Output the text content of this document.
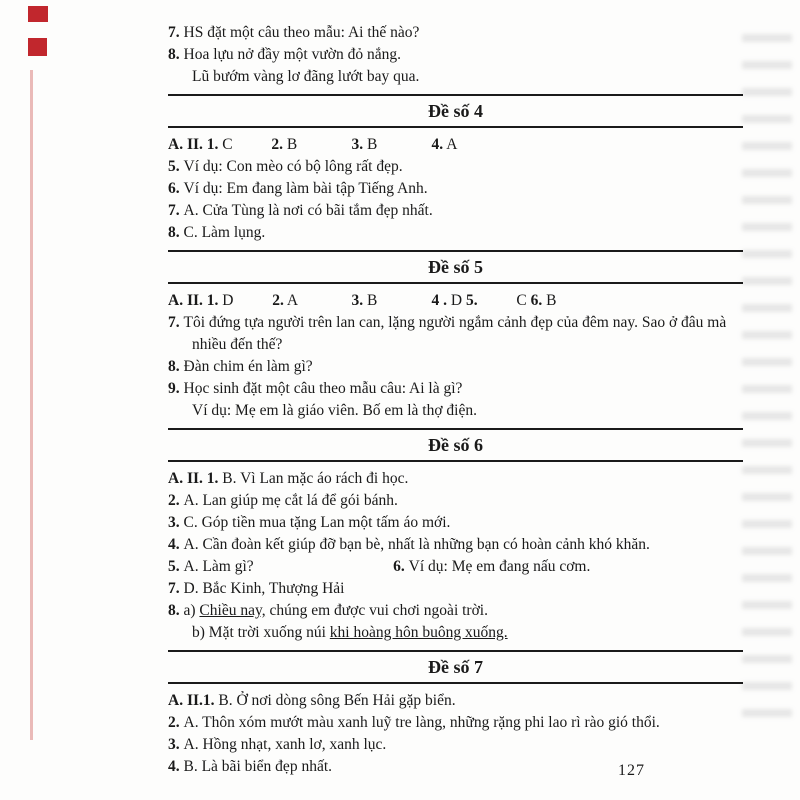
7. HS đặt một câu theo mẫu: Ai thế nào?
8. Hoa lựu nở đầy một vườn đỏ nắng.
Lũ bướm vàng lơ đãng lướt bay qua.
Đề số 4
A. II. 1. C          2. B              3. B              4. A
5. Ví dụ: Con mèo có bộ lông rất đẹp.
6. Ví dụ: Em đang làm bài tập Tiếng Anh.
7. A. Cửa Tùng là nơi có bãi tắm đẹp nhất.
8. C. Làm lụng.
Đề số 5
A. II. 1. D          2. A              3. B              4 . D 5.          C 6. B
7. Tôi đứng tựa người trên lan can, lặng người ngắm cảnh đẹp của đêm nay. Sao ở đâu mà nhiều đến thế?
8. Đàn chim én làm gì?
9. Học sinh đặt một câu theo mẫu câu: Ai là gì?
Ví dụ: Mẹ em là giáo viên. Bố em là thợ điện.
Đề số 6
A. II. 1. B. Vì Lan mặc áo rách đi học.
2. A. Lan giúp mẹ cắt lá để gói bánh.
3. C. Góp tiền mua tặng Lan một tấm áo mới.
4. A. Cần đoàn kết giúp đỡ bạn bè, nhất là những bạn có hoàn cảnh khó khăn.
5. A. Làm gì?	6. Ví dụ: Mẹ em đang nấu cơm.
7. D. Bắc Kinh, Thượng Hải
8. a) Chiều nay, chúng em được vui chơi ngoài trời.
b) Mặt trời xuống núi khi hoàng hôn buông xuống.
Đề số 7
A. II.1. B. Ở nơi dòng sông Bến Hải gặp biển.
2. A. Thôn xóm mướt màu xanh luỹ tre làng, những rặng phi lao rì rào gió thổi.
3. A. Hồng nhạt, xanh lơ, xanh lục.
4. B. Là bãi biển đẹp nhất.	127
